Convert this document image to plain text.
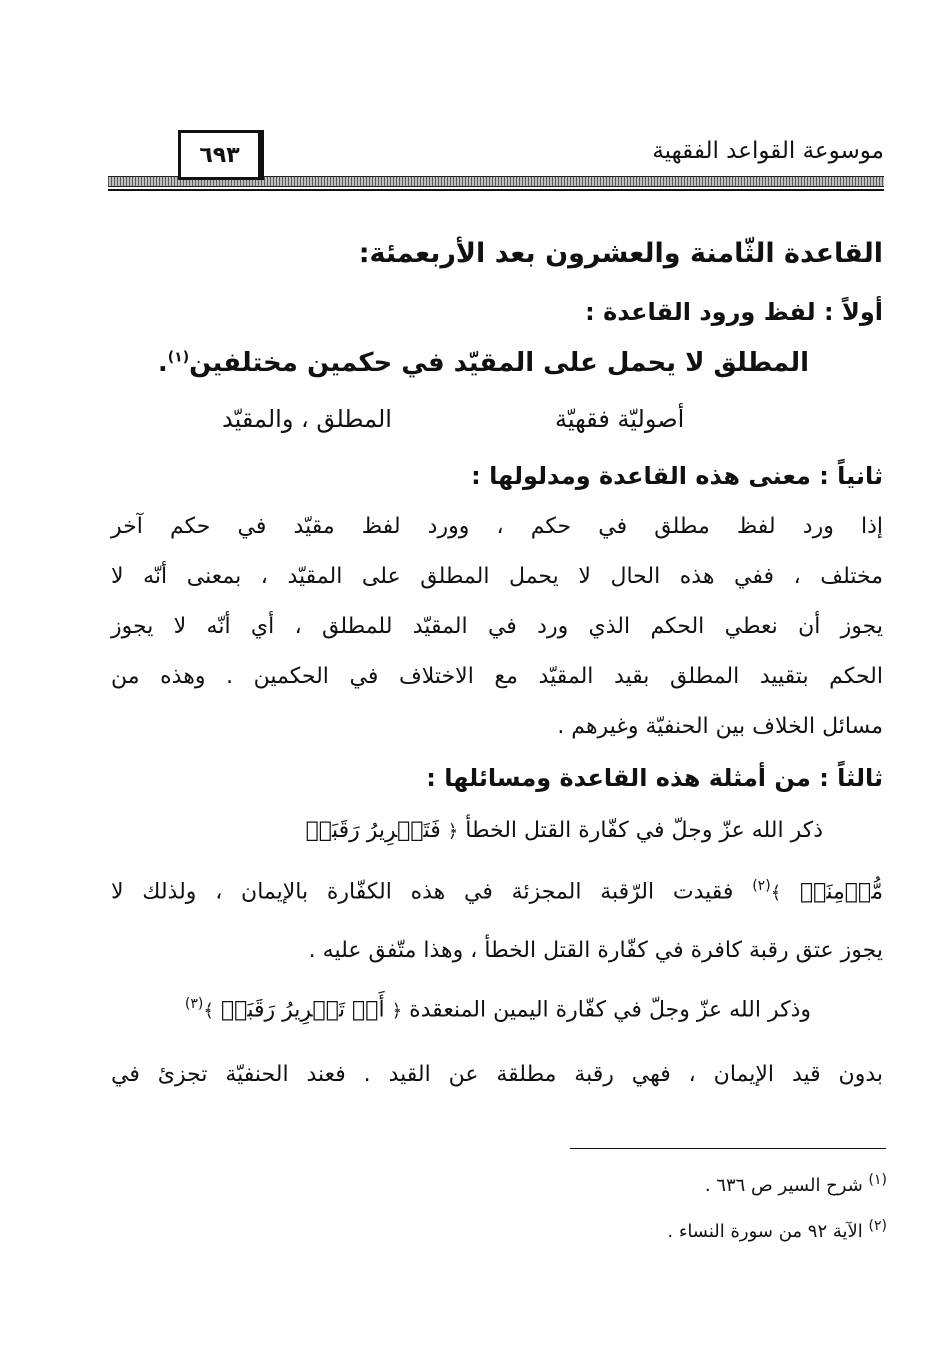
موسوعة القواعد الفقهية
٦٩٣
القاعدة الثّامنة والعشرون بعد الأربعمئة:
أولاً : لفظ ورود القاعدة :
المطلق لا يحمل على المقيّد في حكمين مختلفين$^{(١)}$.
أصوليّة فقهيّة
المطلق ، والمقيّد
ثانياً : معنى هذه القاعدة ومدلولها :
إذا ورد لفظ مطلق في حكم ، وورد لفظ مقيّد في حكم آخر
مختلف ، ففي هذه الحال لا يحمل المطلق على المقيّد ، بمعنى أنّه لا
يجوز أن نعطي الحكم الذي ورد في المقيّد للمطلق ، أي أنّه لا يجوز
الحكم بتقييد المطلق بقيد المقيّد مع الاختلاف في الحكمين . وهذه من
مسائل الخلاف بين الحنفيّة وغيرهم .
ثالثاً : من أمثلة هذه القاعدة ومسائلها :
ذكر الله عزّ وجلّ في كفّارة القتل الخطأ ﴿ فَتَحۡرِيرُ رَقَبَةٖ
مُّؤۡمِنَةٖ ﴾$^{(٢)}$ فقيدت الرّقبة المجزئة في هذه الكفّارة بالإيمان ، ولذلك لا
يجوز عتق رقبة كافرة في كفّارة القتل الخطأ ، وهذا متّفق عليه .
وذكر الله عزّ وجلّ في كفّارة اليمين المنعقدة ﴿ أَوۡ تَحۡرِيرُ رَقَبَةٖ ﴾$^{(٣)}$
بدون قيد الإيمان ، فهي رقبة مطلقة عن القيد . فعند الحنفيّة تجزئ في
$^{(١)}$ شرح السير ص ٦٣٦ .
$^{(٢)}$ الآية ٩٢ من سورة النساء .
